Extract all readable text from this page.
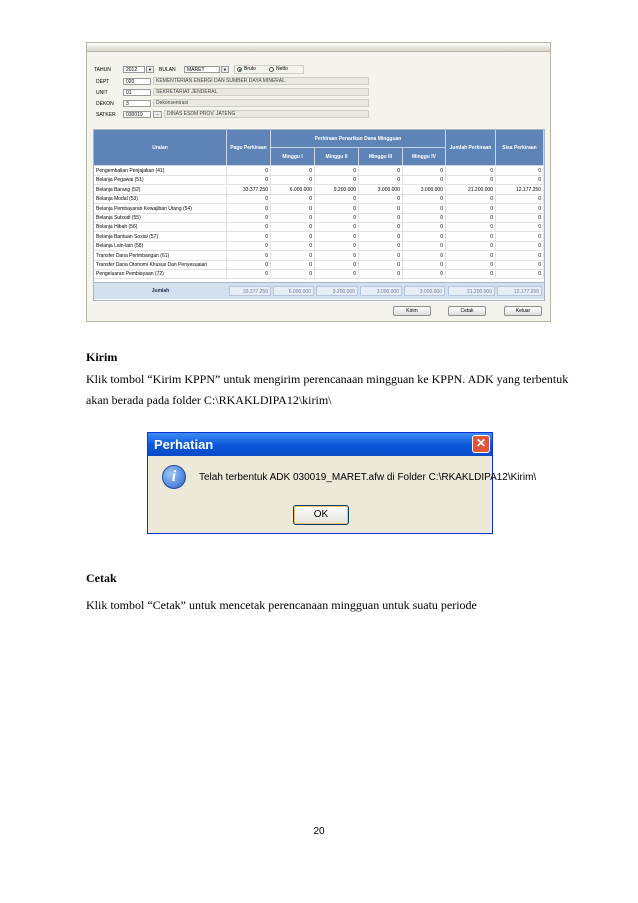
TAHUN	2012	▼	BULAN	MARET	▼	Bruto	Netto
DEPT	020	KEMENTERIAN ENERGI DAN SUMBER DAYA MINERAL
UNIT	01	SEKRETARIAT JENDERAL
DEKON	3	Dekonsentrasi
SATKER	030019	...	DINAS ESDM PROV. JATENG
Uraian	Pagu Perkiraan
Perkiraan Penarikan Dana Mingguan
Minggu I	Minggu II	Minggu III	Minggu IV
Jumlah Perkiraan	Sisa Perkiraan
Pengembalian Penjajakan (41)	0	0	0	0	0	0	0
Belanja Pegawai (51)	0	0	0	0	0	0	0
Belanja Barang (52)	33.377.250	6.000.000	9.200.000	3.000.000	3.000.000	21.200.000	12.177.250
Belanja Modal (53)	0	0	0	0	0	0	0
Belanja Pembayaran Kewajiban Utang (54)	0	0	0	0	0	0	0
Belanja Subsidi (55)	0	0	0	0	0	0	0
Belanja Hibah (56)	0	0	0	0	0	0	0
Belanja Bantuan Sosial (57)	0	0	0	0	0	0	0
Belanja Lain-lain (58)	0	0	0	0	0	0	0
Transfer Dana Perimbangan (61)	0	0	0	0	0	0	0
Transfer Dana Otonomi Khusus Dan Penyesuaian	0	0	0	0	0	0	0
Pengeluaran Pembiayaan (72)	0	0	0	0	0	0	0
Jumlah	33.377.250	6.000.000	9.200.000	3.000.000	3.000.000	21.200.000	12.177.250
Kirim	Cetak	Keluar
Kirim
Klik tombol “Kirim KPPN” untuk mengirim perencanaan mingguan ke KPPN. ADK yang terbentuk
akan berada pada folder C:\RKAKLDIPA12\kirim\
Perhatian	✕
i	Telah terbentuk ADK 030019_MARET.afw di Folder C:\RKAKLDIPA12\Kirim\
OK
Cetak
Klik tombol “Cetak” untuk mencetak perencanaan mingguan untuk suatu periode
20
